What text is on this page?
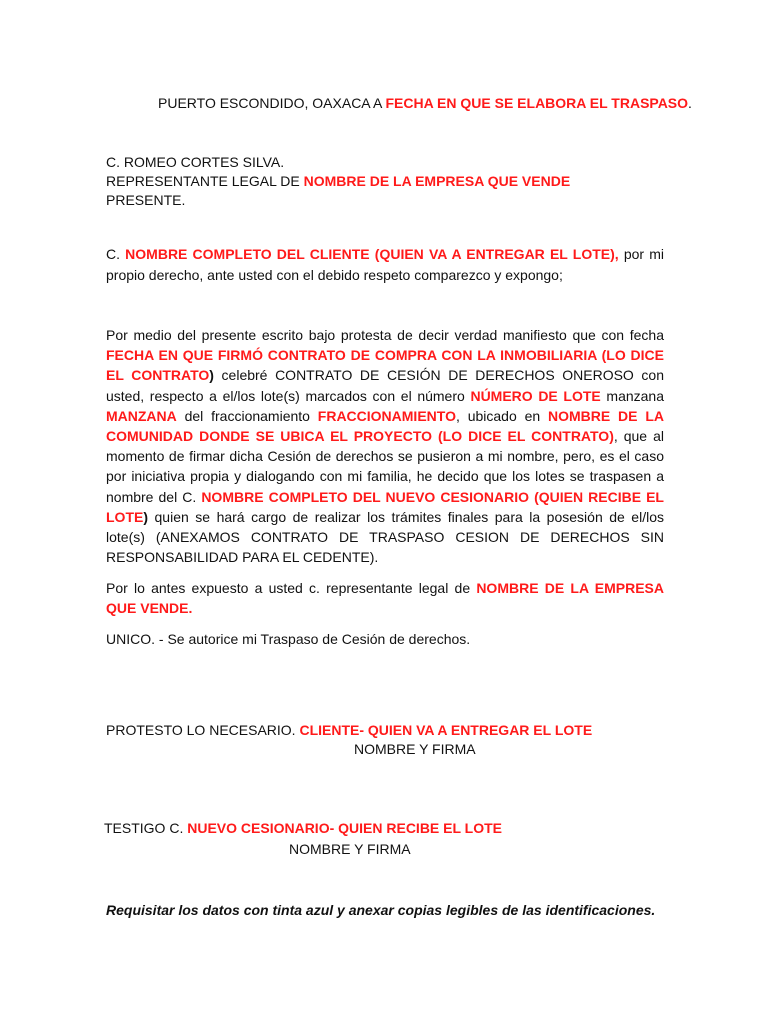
PUERTO ESCONDIDO, OAXACA A FECHA EN QUE SE ELABORA EL TRASPASO.
C. ROMEO CORTES SILVA.
REPRESENTANTE LEGAL DE NOMBRE DE LA EMPRESA QUE VENDE
PRESENTE.
C. NOMBRE COMPLETO DEL CLIENTE (QUIEN VA A ENTREGAR EL LOTE), por mi propio derecho, ante usted con el debido respeto comparezco y expongo;
Por medio del presente escrito bajo protesta de decir verdad manifiesto que con fecha FECHA EN QUE FIRMÓ CONTRATO DE COMPRA CON LA INMOBILIARIA (LO DICE EL CONTRATO) celebré CONTRATO DE CESIÓN DE DERECHOS ONEROSO con usted, respecto a el/los lote(s) marcados con el número NÚMERO DE LOTE manzana MANZANA del fraccionamiento FRACCIONAMIENTO, ubicado en NOMBRE DE LA COMUNIDAD DONDE SE UBICA EL PROYECTO (LO DICE EL CONTRATO), que al momento de firmar dicha Cesión de derechos se pusieron a mi nombre, pero, es el caso por iniciativa propia y dialogando con mi familia, he decido que los lotes se traspasen a nombre del C. NOMBRE COMPLETO DEL NUEVO CESIONARIO (QUIEN RECIBE EL LOTE) quien se hará cargo de realizar los trámites finales para la posesión de el/los lote(s) (ANEXAMOS CONTRATO DE TRASPASO CESION DE DERECHOS SIN RESPONSABILIDAD PARA EL CEDENTE).
Por lo antes expuesto a usted c. representante legal de NOMBRE DE LA EMPRESA QUE VENDE.
UNICO. - Se autorice mi Traspaso de Cesión de derechos.
PROTESTO LO NECESARIO. CLIENTE- QUIEN VA A ENTREGAR EL LOTE
NOMBRE Y FIRMA
TESTIGO C. NUEVO CESIONARIO- QUIEN RECIBE EL LOTE
NOMBRE Y FIRMA
Requisitar los datos con tinta azul y anexar copias legibles de las identificaciones.
